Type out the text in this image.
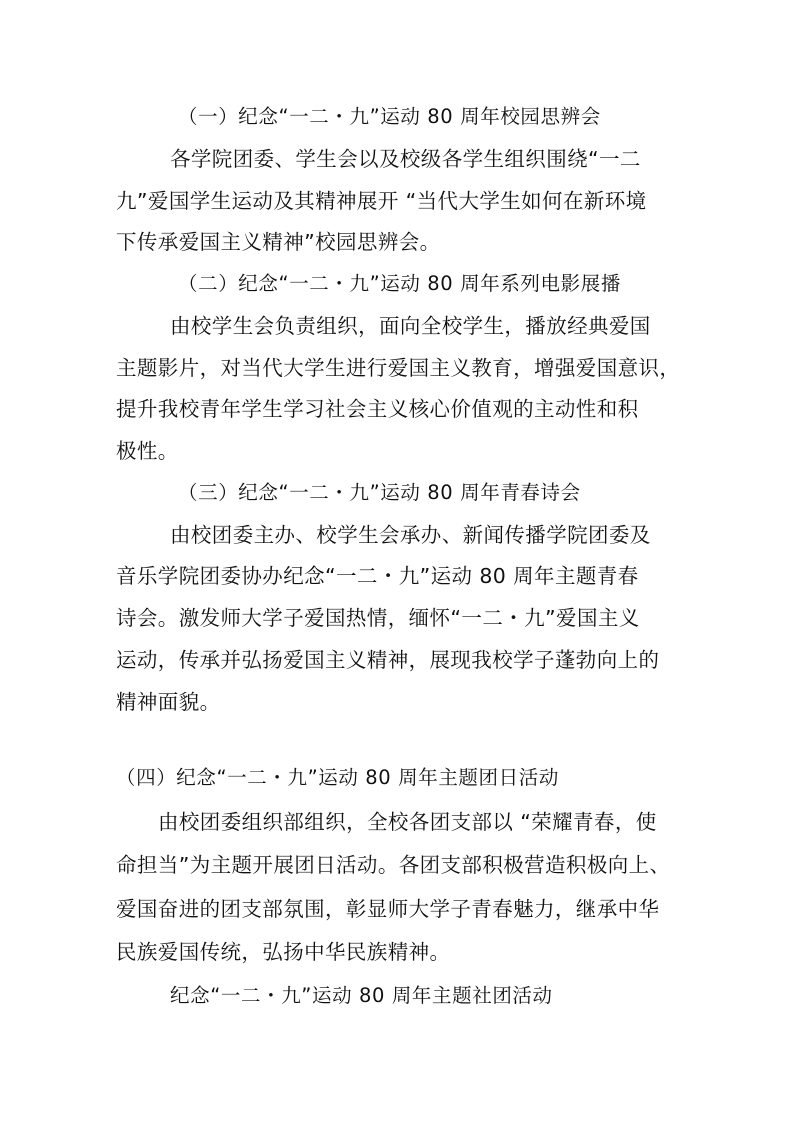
（一）纪念“一二・九”运动 80 周年校园思辨会
各学院团委、学生会以及校级各学生组织围绕“一二
九”爱国学生运动及其精神展开 “当代大学生如何在新环境
下传承爱国主义精神”校园思辨会。
（二）纪念“一二・九”运动 80 周年系列电影展播
由校学生会负责组织，面向全校学生，播放经典爱国
主题影片，对当代大学生进行爱国主义教育，增强爱国意识，
提升我校青年学生学习社会主义核心价值观的主动性和积
极性。
（三）纪念“一二・九”运动 80 周年青春诗会
由校团委主办、校学生会承办、新闻传播学院团委及
音乐学院团委协办纪念“一二・九”运动 80 周年主题青春
诗会。激发师大学子爱国热情，缅怀“一二・九”爱国主义
运动，传承并弘扬爱国主义精神，展现我校学子蓬勃向上的
精神面貌。
（四）纪念“一二・九”运动 80 周年主题团日活动
由校团委组织部组织，全校各团支部以 “荣耀青春，使
命担当”为主题开展团日活动。各团支部积极营造积极向上、
爱国奋进的团支部氛围，彰显师大学子青春魅力，继承中华
民族爱国传统，弘扬中华民族精神。
纪念“一二・九”运动 80 周年主题社团活动
